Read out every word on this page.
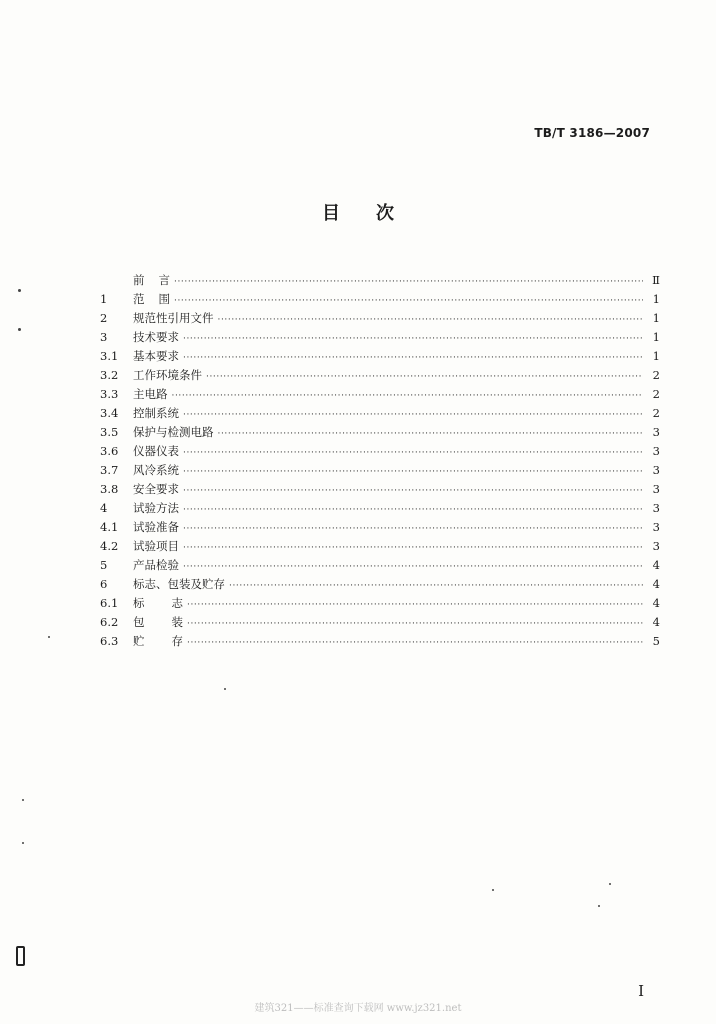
TB/T 3186—2007
目 次
前 言 ·····	Ⅱ
1	范 围 ·····	1
2	规范性引用文件 ·····	1
3	技术要求 ·····	1
3.1	基本要求 ·····	1
3.2	工作环境条件 ·····	2
3.3	主电路 ·····	2
3.4	控制系统 ·····	2
3.5	保护与检测电路 ·····	3
3.6	仪器仪表 ·····	3
3.7	风冷系统 ·····	3
3.8	安全要求 ·····	3
4	试验方法 ·····	3
4.1	试验准备 ·····	3
4.2	试验项目 ·····	3
5	产品检验 ·····	4
6	标志、包装及贮存 ·····	4
6.1	标 志 ·····	4
6.2	包 装 ·····	4
6.3	贮 存 ·····	5
I
建筑321——标准查询下载网 www.jz321.net
